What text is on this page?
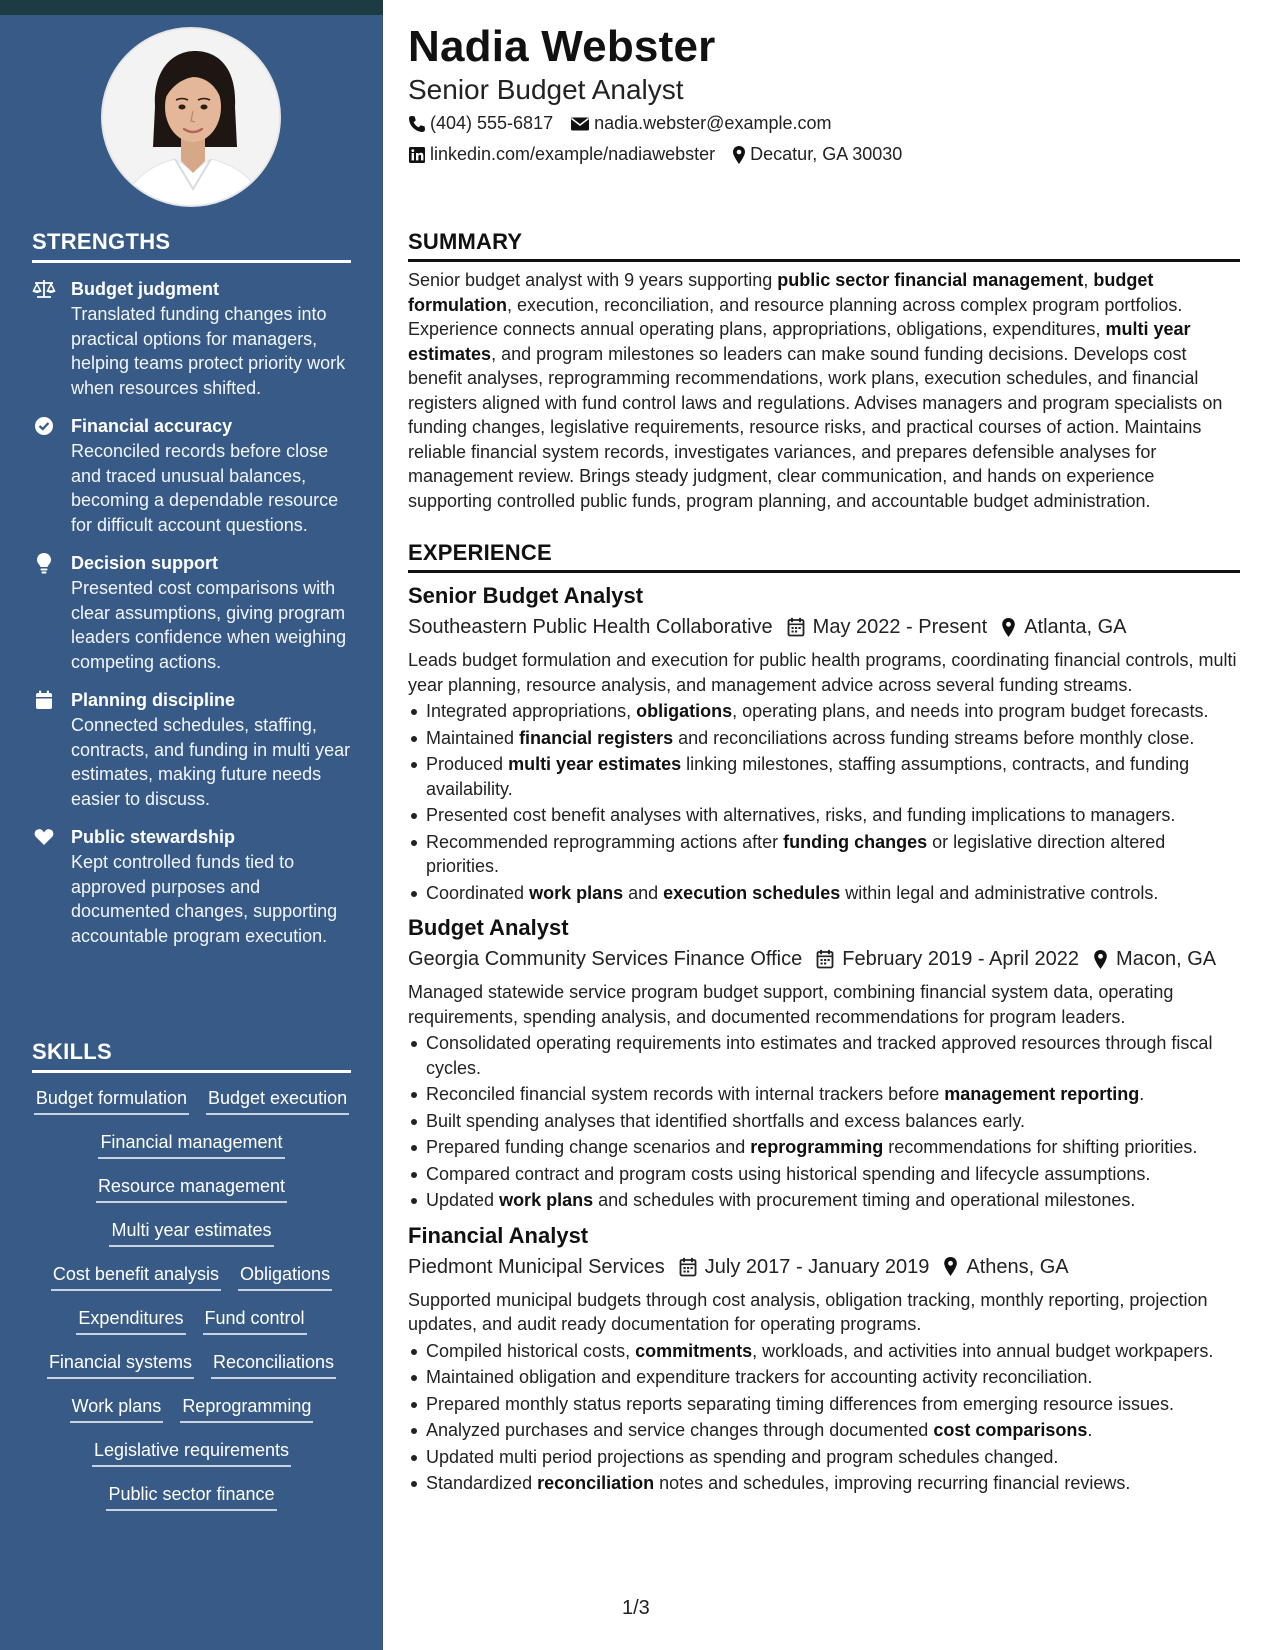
STRENGTHS
Budget judgment
Translated funding changes into practical options for managers, helping teams protect priority work when resources shifted.
Financial accuracy
Reconciled records before close and traced unusual balances, becoming a dependable resource for difficult account questions.
Decision support
Presented cost comparisons with clear assumptions, giving program leaders confidence when weighing competing actions.
Planning discipline
Connected schedules, staffing, contracts, and funding in multi year estimates, making future needs easier to discuss.
Public stewardship
Kept controlled funds tied to approved purposes and documented changes, supporting accountable program execution.
SKILLS
Budget formulation Budget execution
Financial management
Resource management
Multi year estimates
Cost benefit analysis Obligations
Expenditures Fund control
Financial systems Reconciliations
Work plans Reprogramming
Legislative requirements
Public sector finance
Nadia Webster
Senior Budget Analyst
(404) 555-6817 nadia.webster@example.com
linkedin.com/example/nadiawebster Decatur, GA 30030
SUMMARY
Senior budget analyst with 9 years supporting public sector financial management, budget formulation, execution, reconciliation, and resource planning across complex program portfolios. Experience connects annual operating plans, appropriations, obligations, expenditures, multi year estimates, and program milestones so leaders can make sound funding decisions. Develops cost benefit analyses, reprogramming recommendations, work plans, execution schedules, and financial registers aligned with fund control laws and regulations. Advises managers and program specialists on funding changes, legislative requirements, resource risks, and practical courses of action. Maintains reliable financial system records, investigates variances, and prepares defensible analyses for management review. Brings steady judgment, clear communication, and hands on experience supporting controlled public funds, program planning, and accountable budget administration.
EXPERIENCE
Senior Budget Analyst
Southeastern Public Health Collaborative May 2022 - Present Atlanta, GA
Leads budget formulation and execution for public health programs, coordinating financial controls, multi year planning, resource analysis, and management advice across several funding streams.
Integrated appropriations, obligations, operating plans, and needs into program budget forecasts.
Maintained financial registers and reconciliations across funding streams before monthly close.
Produced multi year estimates linking milestones, staffing assumptions, contracts, and funding availability.
Presented cost benefit analyses with alternatives, risks, and funding implications to managers.
Recommended reprogramming actions after funding changes or legislative direction altered priorities.
Coordinated work plans and execution schedules within legal and administrative controls.
Budget Analyst
Georgia Community Services Finance Office February 2019 - April 2022 Macon, GA
Managed statewide service program budget support, combining financial system data, operating requirements, spending analysis, and documented recommendations for program leaders.
Consolidated operating requirements into estimates and tracked approved resources through fiscal cycles.
Reconciled financial system records with internal trackers before management reporting.
Built spending analyses that identified shortfalls and excess balances early.
Prepared funding change scenarios and reprogramming recommendations for shifting priorities.
Compared contract and program costs using historical spending and lifecycle assumptions.
Updated work plans and schedules with procurement timing and operational milestones.
Financial Analyst
Piedmont Municipal Services July 2017 - January 2019 Athens, GA
Supported municipal budgets through cost analysis, obligation tracking, monthly reporting, projection updates, and audit ready documentation for operating programs.
Compiled historical costs, commitments, workloads, and activities into annual budget workpapers.
Maintained obligation and expenditure trackers for accounting activity reconciliation.
Prepared monthly status reports separating timing differences from emerging resource issues.
Analyzed purchases and service changes through documented cost comparisons.
Updated multi period projections as spending and program schedules changed.
Standardized reconciliation notes and schedules, improving recurring financial reviews.
1/3
